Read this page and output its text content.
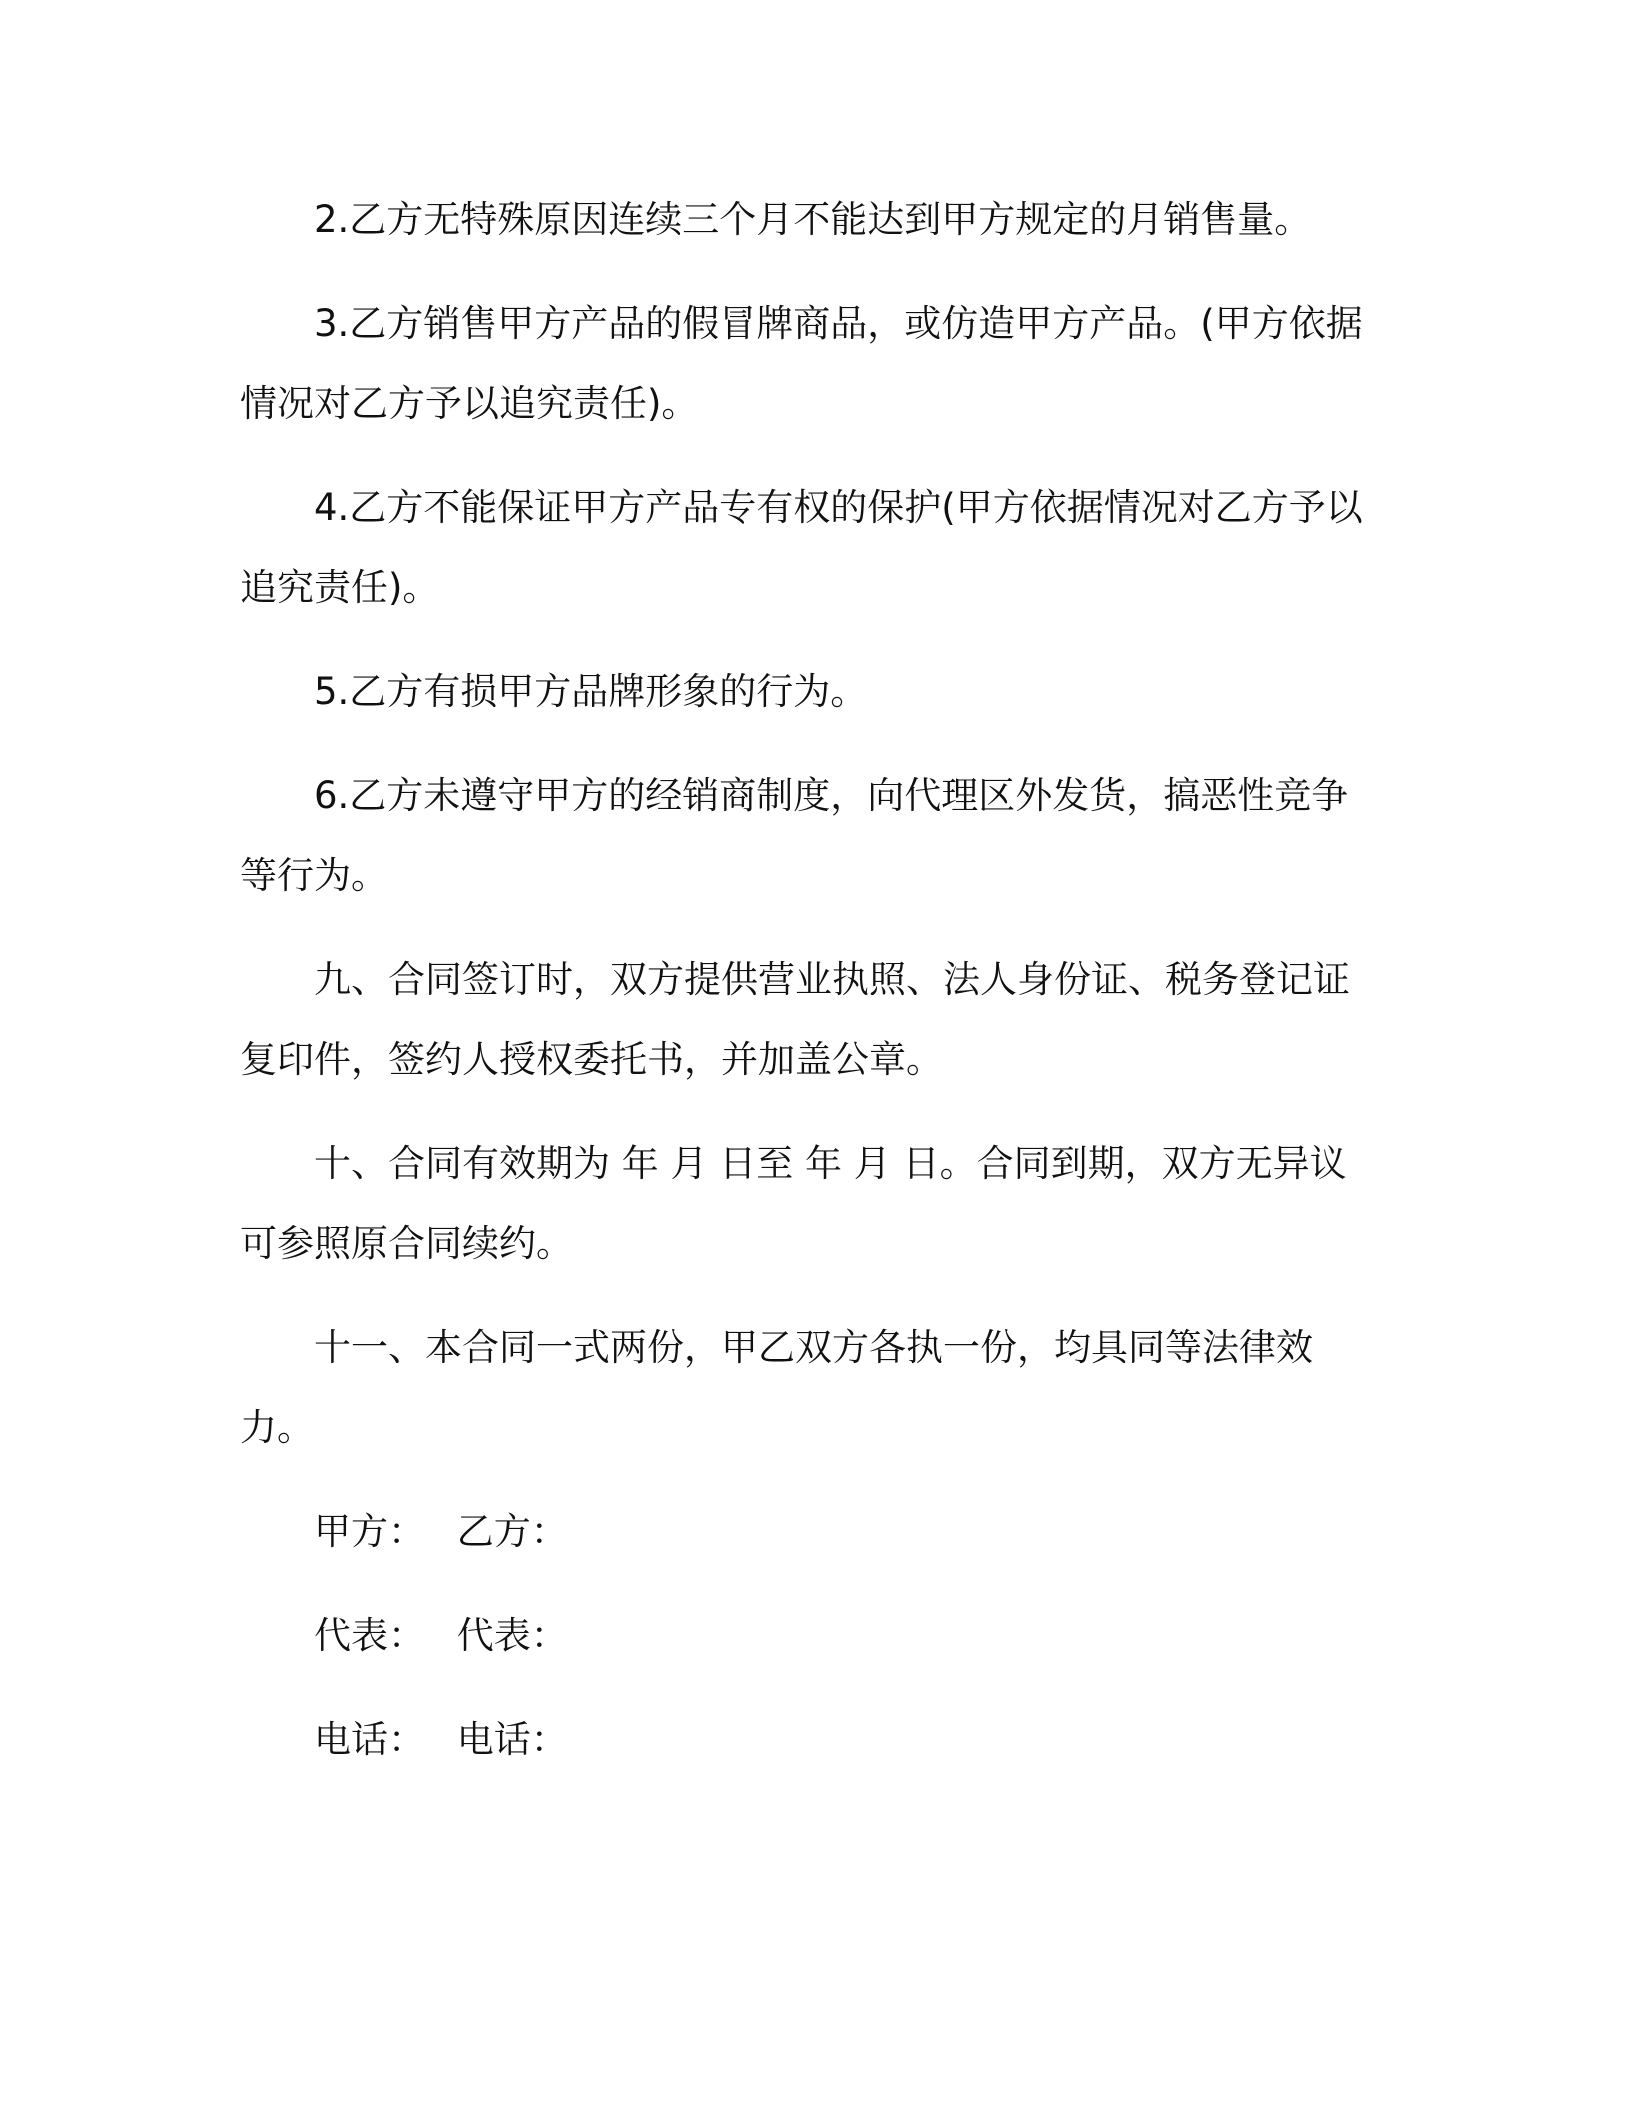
2.乙方无特殊原因连续三个月不能达到甲方规定的月销售量。

3.乙方销售甲方产品的假冒牌商品，或仿造甲方产品。(甲方依据情况对乙方予以追究责任)。

4.乙方不能保证甲方产品专有权的保护(甲方依据情况对乙方予以追究责任)。

5.乙方有损甲方品牌形象的行为。

6.乙方未遵守甲方的经销商制度，向代理区外发货，搞恶性竞争等行为。

九、合同签订时，双方提供营业执照、法人身份证、税务登记证复印件，签约人授权委托书，并加盖公章。

十、合同有效期为 年 月 日至 年 月 日。合同到期，双方无异议可参照原合同续约。

十一、本合同一式两份，甲乙双方各执一份，均具同等法律效力。

甲方： 乙方：
代表： 代表：
电话： 电话：
